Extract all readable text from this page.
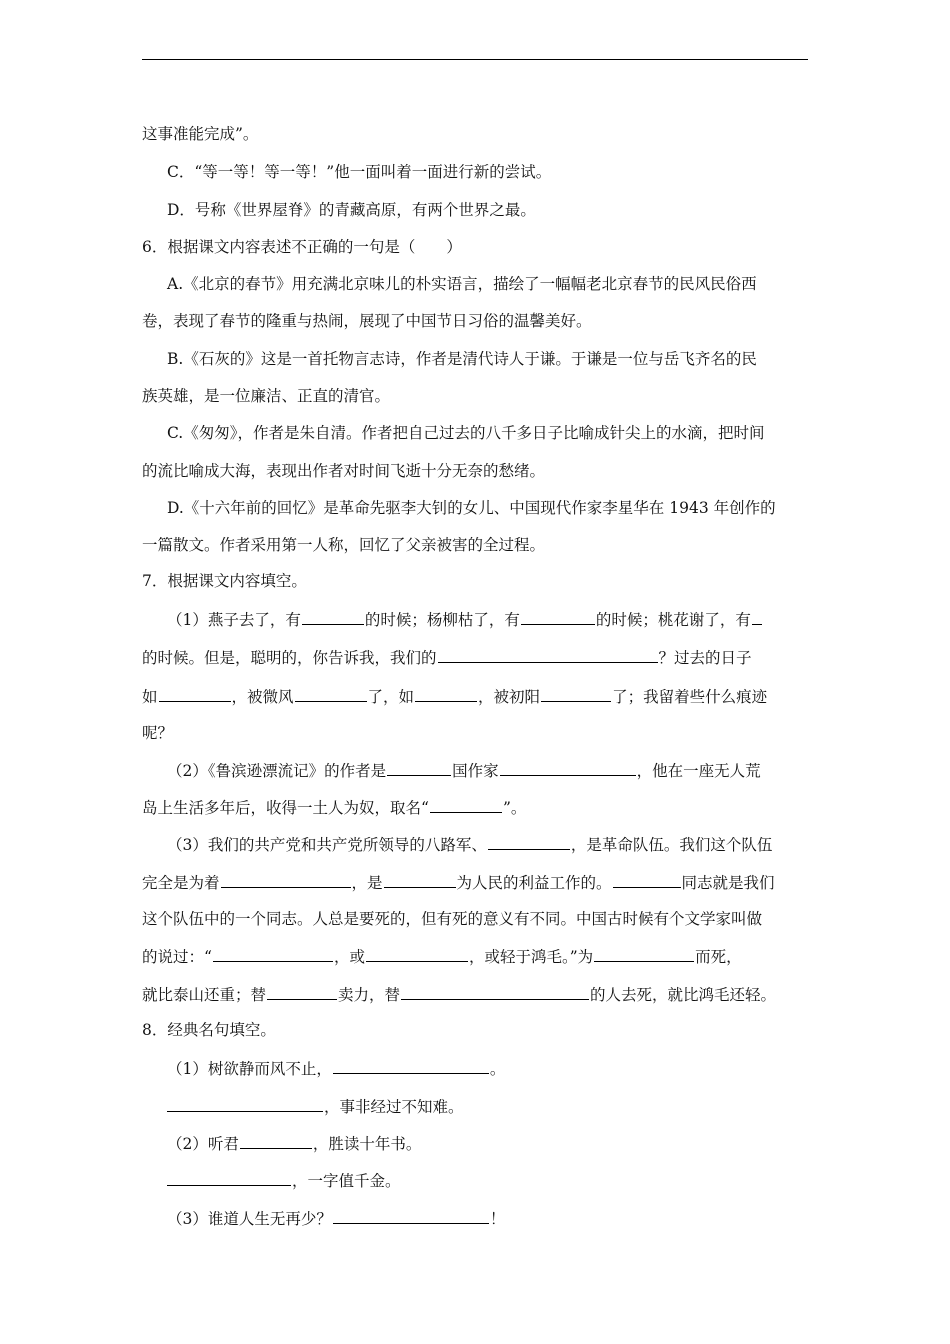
这事准能完成”。
C．“等一等！等一等！”他一面叫着一面进行新的尝试。
D．号称《世界屋脊》的青藏高原，有两个世界之最。
6．根据课文内容表述不正确的一句是（　　）
A.《北京的春节》用充满北京味儿的朴实语言，描绘了一幅幅老北京春节的民风民俗西
卷，表现了春节的隆重与热闹，展现了中国节日习俗的温馨美好。
B.《石灰的》这是一首托物言志诗，作者是清代诗人于谦。于谦是一位与岳飞齐名的民
族英雄，是一位廉洁、正直的清官。
C.《匆匆》，作者是朱自清。作者把自己过去的八千多日子比喻成针尖上的水滴，把时间
的流比喻成大海，表现出作者对时间飞逝十分无奈的愁绪。
D.《十六年前的回忆》是革命先驱李大钊的女儿、中国现代作家李星华在 1943 年创作的
一篇散文。作者采用第一人称，回忆了父亲被害的全过程。
7．根据课文内容填空。
（1）燕子去了，有	的时候；杨柳枯了，有	的时候；桃花谢了，有
的时候。但是，聪明的，你告诉我，我们的	？过去的日子
如	，被微风	了，如	，被初阳	了；我留着些什么痕迹
呢？
（2）《鲁滨逊漂流记》的作者是	国作家	，他在一座无人荒
岛上生活多年后，收得一土人为奴，取名“	”。
（3）我们的共产党和共产党所领导的八路军、	，是革命队伍。我们这个队伍
完全是为着	，是	为人民的利益工作的。	同志就是我们
这个队伍中的一个同志。人总是要死的，但有死的意义有不同。中国古时候有个文学家叫做
的说过：“	，或	，或轻于鸿毛。”为	而死，
就比泰山还重；替	卖力，替	的人去死，就比鸿毛还轻。
8．经典名句填空。
（1）树欲静而风不止，	。
，事非经过不知难。
（2）听君	，胜读十年书。
，一字值千金。
（3）谁道人生无再少？	！
